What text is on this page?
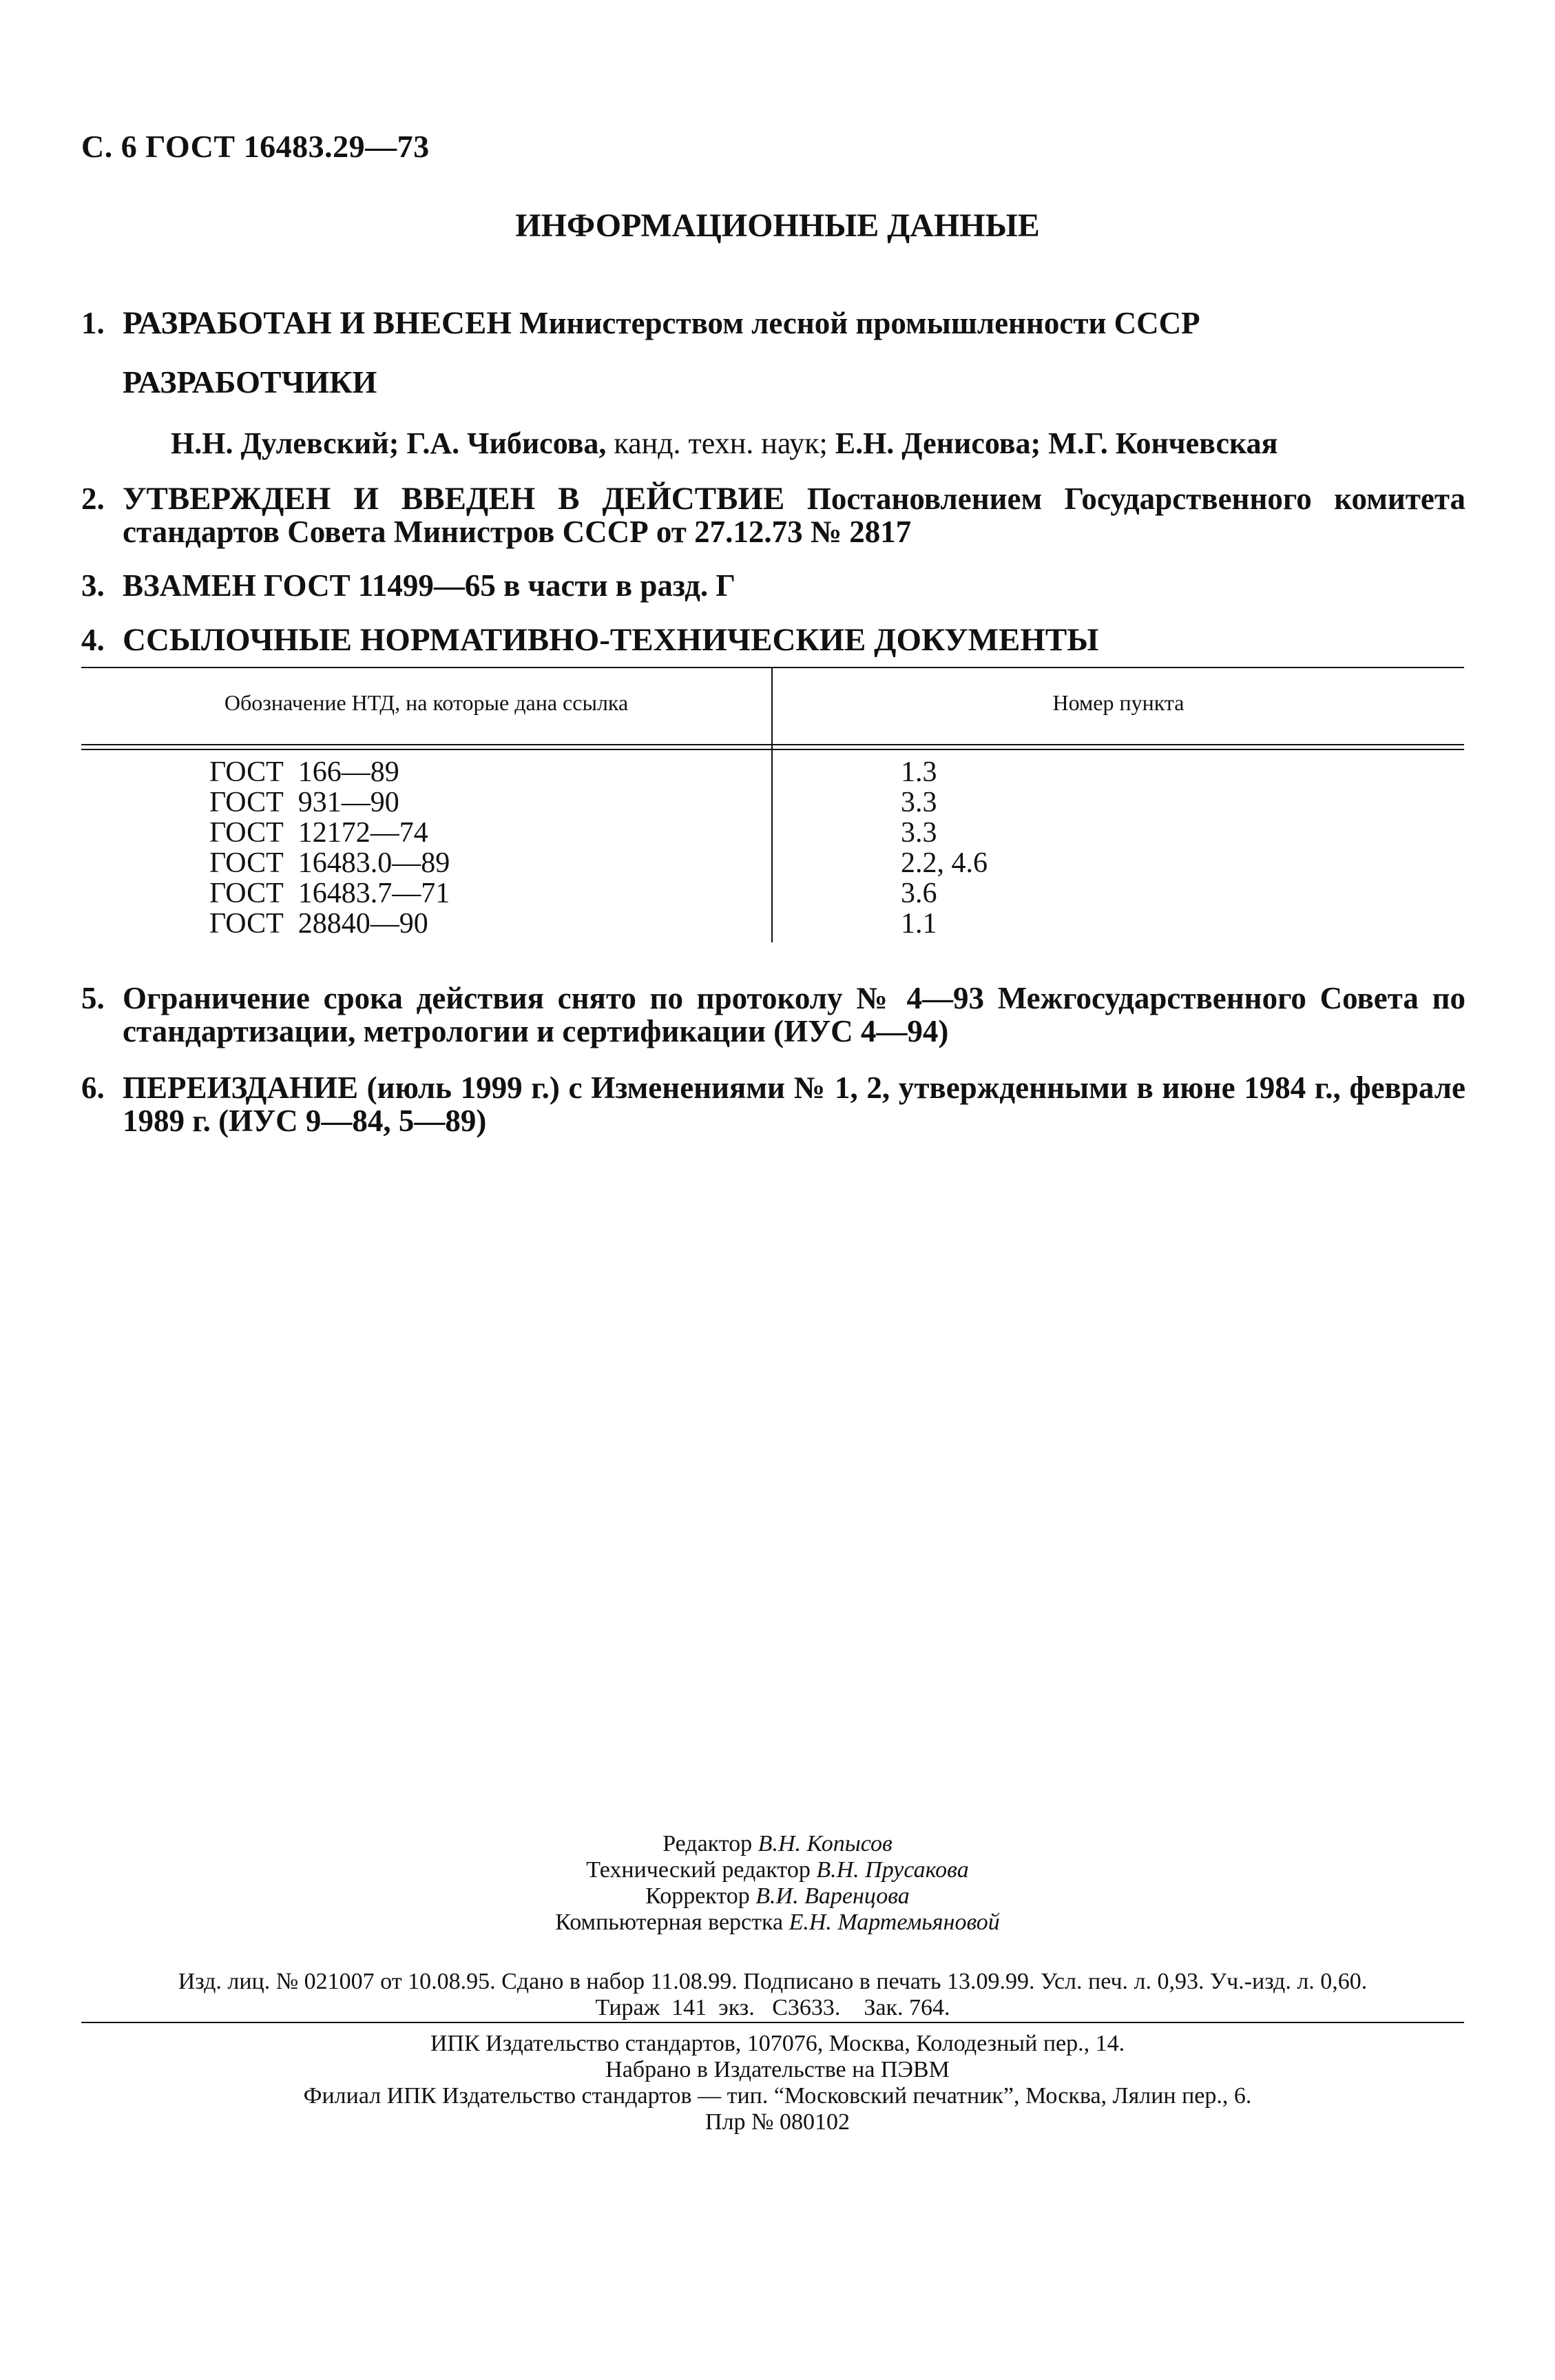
С. 6 ГОСТ 16483.29—73
ИНФОРМАЦИОННЫЕ ДАННЫЕ
1. РАЗРАБОТАН И ВНЕСЕН Министерством лесной промышленности СССР
РАЗРАБОТЧИКИ
Н.Н. Дулевский; Г.А. Чибисова, канд. техн. наук; Е.Н. Денисова; М.Г. Кончевская
2. УТВЕРЖДЕН И ВВЕДЕН В ДЕЙСТВИЕ Постановлением Государственного комитета стандартов Совета Министров СССР от 27.12.73 № 2817
3. ВЗАМЕН ГОСТ 11499—65 в части в разд. Г
4. ССЫЛОЧНЫЕ НОРМАТИВНО-ТЕХНИЧЕСКИЕ ДОКУМЕНТЫ
Обозначение НТД, на которые дана ссылка	Номер пункта
ГОСТ  166—89
ГОСТ  931—90
ГОСТ  12172—74
ГОСТ  16483.0—89
ГОСТ  16483.7—71
ГОСТ  28840—90
1.3
3.3
3.3
2.2, 4.6
3.6
1.1
5. Ограничение срока действия снято по протоколу № 4—93 Межгосударственного Совета по стандартизации, метрологии и сертификации (ИУС 4—94)
6. ПЕРЕИЗДАНИЕ (июль 1999 г.) с Изменениями № 1, 2, утвержденными в июне 1984 г., феврале 1989 г. (ИУС 9—84, 5—89)
Редактор В.Н. Копысов
Технический редактор В.Н. Прусакова
Корректор В.И. Варенцова
Компьютерная верстка Е.Н. Мартемьяновой
Изд. лиц. № 021007 от 10.08.95. Сдано в набор 11.08.99. Подписано в печать 13.09.99. Усл. печ. л. 0,93. Уч.-изд. л. 0,60.
Тираж  141  экз.   С3633.    Зак. 764.
ИПК Издательство стандартов, 107076, Москва, Колодезный пер., 14.
Набрано в Издательстве на ПЭВМ
Филиал ИПК Издательство стандартов — тип. “Московский печатник”, Москва, Лялин пер., 6.
Плр № 080102
